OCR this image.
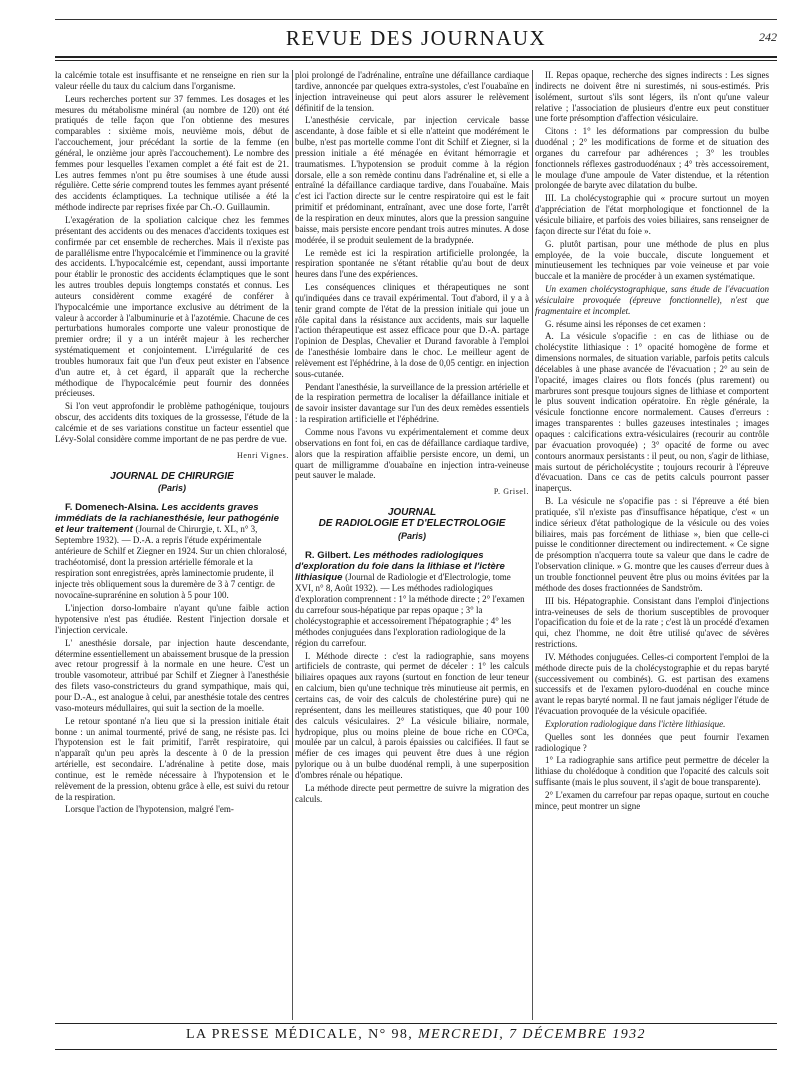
REVUE DES JOURNAUX	242

la calcémie totale est insuffisante et ne renseigne en rien sur la valeur réelle du taux du calcium dans l'organisme.

Leurs recherches portent sur 37 femmes. Les dosages et les mesures du métabolisme minéral (au nombre de 120) ont été pratiqués de telle façon que l'on obtienne des mesures comparables : sixième mois, neuvième mois, début de l'accouchement, jour précédant la sortie de la femme (en général, le onzième jour après l'accouchement). Le nombre des femmes pour lesquelles l'examen complet a été fait est de 21. Les autres femmes n'ont pu être soumises à une étude aussi régulière. Cette série comprend toutes les femmes ayant présenté des accidents éclamptiques. La technique utilisée a été la méthode indirecte par reprises fixée par Ch.-O. Guillaumin.

L'exagération de la spoliation calcique chez les femmes présentant des accidents ou des menaces d'accidents toxiques est confirmée par cet ensemble de recherches. Mais il n'existe pas de parallélisme entre l'hypocalcémie et l'imminence ou la gravité des accidents. L'hypocalcémie est, cependant, aussi importante pour établir le pronostic des accidents éclamptiques que le sont les autres troubles depuis longtemps constatés et connus. Les auteurs considèrent comme exagéré de conférer à l'hypocalcémie une importance exclusive au détriment de la valeur à accorder à l'albuminurie et à l'azotémie. Chacune de ces perturbations humorales comporte une valeur pronostique de premier ordre; il y a un intérêt majeur à les rechercher systématiquement et conjointement. L'irrégularité de ces troubles humoraux fait que l'un d'eux peut exister en l'absence d'un autre et, à cet égard, il apparaît que la recherche méthodique de l'hypocalcémie peut fournir des données précieuses.

Si l'on veut approfondir le problème pathogénique, toujours obscur, des accidents dits toxiques de la grossesse, l'étude de la calcémie et de ses variations constitue un facteur essentiel que Lévy-Solal considère comme important de ne pas perdre de vue.

Henri Vignes.
JOURNAL DE CHIRURGIE
(Paris)

F. Domenech-Alsina. Les accidents graves immédiats de la rachianesthésie, leur pathogénie et leur traitement (Journal de Chirurgie, t. XL, n° 3, Septembre 1932). — D.-A. a repris l'étude expérimentale antérieure de Schilf et Ziegner en 1924. Sur un chien chloralosé, trachéotomisé, dont la pression artérielle fémorale et la respiration sont enregistrées, après laminectomie prudente, il injecte très obliquement sous la duremère de 3 à 7 centigr. de novocaïne-suprarénine en solution à 5 pour 100.

L'injection dorso-lombaire n'ayant qu'une faible action hypotensive n'est pas étudiée. Restent l'injection dorsale et l'injection cervicale.

L' anesthésie dorsale, par injection haute descendante, détermine essentiellement un abaissement brusque de la pression avec retour progressif à la normale en une heure. C'est un trouble vasomoteur, attribué par Schilf et Ziegner à l'anesthésie des filets vaso-constricteurs du grand sympathique, mais qui, pour D.-A., est analogue à celui, par anesthésie totale des centres vaso-moteurs médullaires, qui suit la section de la moelle.

Le retour spontané n'a lieu que si la pression initiale était bonne : un animal tourmenté, privé de sang, ne résiste pas. Ici l'hypotension est le fait primitif, l'arrêt respiratoire, qui n'apparaît qu'un peu après la descente à 0 de la pression artérielle, est secondaire. L'adrénaline à petite dose, mais continue, est le remède nécessaire à l'hypotension et le relèvement de la pression, obtenu grâce à elle, est suivi du retour de la respiration.

Lorsque l'action de l'hypotension, malgré l'em-

ploi prolongé de l'adrénaline, entraîne une défaillance cardiaque tardive, annoncée par quelques extra-systoles, c'est l'ouabaïne en injection intraveineuse qui peut alors assurer le relèvement définitif de la tension.

L'anesthésie cervicale, par injection cervicale basse ascendante, à dose faible et si elle n'atteint que modérément le bulbe, n'est pas mortelle comme l'ont dit Schilf et Ziegner, si la pression initiale a été ménagée en évitant hémorragie et traumatismes. L'hypotension se produit comme à la région dorsale, elle a son remède continu dans l'adrénaline et, si elle a entraîné la défaillance cardiaque tardive, dans l'ouabaïne. Mais c'est ici l'action directe sur le centre respiratoire qui est le fait primitif et prédominant, entraînant, avec une dose forte, l'arrêt de la respiration en deux minutes, alors que la pression sanguine baisse, mais persiste encore pendant trois autres minutes. A dose modérée, il se produit seulement de la bradypnée.

Le remède est ici la respiration artificielle prolongée, la respiration spontanée ne s'étant rétablie qu'au bout de deux heures dans l'une des expériences.

Les conséquences cliniques et thérapeutiques ne sont qu'indiquées dans ce travail expérimental. Tout d'abord, il y a à tenir grand compte de l'état de la pression initiale qui joue un rôle capital dans la résistance aux accidents, mais sur laquelle l'action thérapeutique est assez efficace pour que D.-A. partage l'opinion de Desplas, Chevalier et Durand favorable à l'emploi de l'anesthésie lombaire dans le choc. Le meilleur agent de relèvement est l'éphédrine, à la dose de 0,05 centigr. en injection sous-cutanée.

Pendant l'anesthésie, la surveillance de la pression artérielle et de la respiration permettra de localiser la défaillance initiale et de savoir insister davantage sur l'un des deux remèdes essentiels : la respiration artificielle et l'éphédrine.

Comme nous l'avons vu expérimentalement et comme deux observations en font foi, en cas de défaillance cardiaque tardive, alors que la respiration affaiblie persiste encore, un demi, un quart de milligramme d'ouabaïne en injection intra-veineuse peut sauver le malade.

P. Grisel.
JOURNAL
DE RADIOLOGIE ET D'ELECTROLOGIE
(Paris)

R. Gilbert. Les méthodes radiologiques d'exploration du foie dans la lithiase et l'ictère lithiasique (Journal de Radiologie et d'Electrologie, tome XVI, n° 8, Août 1932). — Les méthodes radiologiques d'exploration comprennent : 1° la méthode directe ; 2° l'examen du carrefour sous-hépatique par repas opaque ; 3° la cholécystographie et accessoirement l'hépatographie ; 4° les méthodes conjuguées dans l'exploration radiologique de la région du carrefour.

I. Méthode directe : c'est la radiographie, sans moyens artificiels de contraste, qui permet de déceler : 1° les calculs biliaires opaques aux rayons (surtout en fonction de leur teneur en calcium, bien qu'une technique très minutieuse ait permis, en certains cas, de voir des calculs de cholestérine pure) qui ne représentent, dans les meilleures statistiques, que 40 pour 100 des calculs vésiculaires. 2° La vésicule biliaire, normale, hydropique, plus ou moins pleine de boue riche en CO³Ca, moulée par un calcul, à parois épaissies ou calcifiées. Il faut se méfier de ces images qui peuvent être dues à une région pylorique ou à un bulbe duodénal rempli, à une superposition d'ombres rénale ou hépatique.

La méthode directe peut permettre de suivre la migration des calculs.

II. Repas opaque, recherche des signes indirects : Les signes indirects ne doivent être ni surestimés, ni sous-estimés. Pris isolément, surtout s'ils sont légers, ils n'ont qu'une valeur relative ; l'association de plusieurs d'entre eux peut constituer une forte présomption d'affection vésiculaire.

Citons : 1° les déformations par compression du bulbe duodénal ; 2° les modifications de forme et de situation des organes du carrefour par adhérences ; 3° les troubles fonctionnels réflexes gastroduodénaux ; 4° très accessoirement, le moulage d'une ampoule de Vater distendue, et la rétention prolongée de baryte avec dilatation du bulbe.

III. La cholécystographie qui « procure surtout un moyen d'appréciation de l'état morphologique et fonctionnel de la vésicule biliaire, et parfois des voies biliaires, sans renseigner de façon directe sur l'état du foie ».

G. plutôt partisan, pour une méthode de plus en plus employée, de la voie buccale, discute longuement et minutieusement les techniques par voie veineuse et par voie buccale et la manière de procéder à un examen systématique.

Un examen cholécystographique, sans étude de l'évacuation vésiculaire provoquée (épreuve fonctionnelle), n'est que fragmentaire et incomplet.

G. résume ainsi les réponses de cet examen :

A. La vésicule s'opacifie : en cas de lithiase ou de cholécystite lithiasique : 1° opacité homogène de forme et dimensions normales, de situation variable, parfois petits calculs décelables à une phase avancée de l'évacuation ; 2° au sein de l'opacité, images claires ou flots foncés (plus rarement) ou marbrures sont presque toujours signes de lithiase et comportent le plus souvent indication opératoire. En règle générale, la vésicule fonctionne encore normalement. Causes d'erreurs : images transparentes : bulles gazeuses intestinales ; images opaques : calcifications extra-vésiculaires (recourir au contrôle par évacuation provoquée) ; 3° opacité de forme ou avec contours anormaux persistants : il peut, ou non, s'agir de lithiase, mais surtout de péricholécystite ; toujours recourir à l'épreuve d'évacuation. Dans ce cas de petits calculs pourront passer inaperçus.

B. La vésicule ne s'opacifie pas : si l'épreuve a été bien pratiquée, s'il n'existe pas d'insuffisance hépatique, c'est « un indice sérieux d'état pathologique de la vésicule ou des voies biliaires, mais pas forcément de lithiase », bien que celle-ci puisse le conditionner directement ou indirectement. « Ce signe de présomption n'acquerra toute sa valeur que dans le cadre de l'observation clinique. » G. montre que les causes d'erreur dues à un trouble fonctionnel peuvent être plus ou moins évitées par la méthode des doses fractionnées de Sandström.

III bis. Hépatographie. Consistant dans l'emploi d'injections intra-veineuses de sels de thorium susceptibles de provoquer l'opacification du foie et de la rate ; c'est là un procédé d'examen qui, chez l'homme, ne doit être utilisé qu'avec de sévères restrictions.

IV. Méthodes conjuguées. Celles-ci comportent l'emploi de la méthode directe puis de la cholécystographie et du repas baryté (successivement ou combinés). G. est partisan des examens successifs et de l'examen pyloro-duodénal en couche mince avant le repas baryté normal. Il ne faut jamais négliger l'étude de l'évacuation provoquée de la vésicule opacifiée.

Exploration radiologique dans l'ictère lithiasique.

Quelles sont les données que peut fournir l'examen radiologique ?

1° La radiographie sans artifice peut permettre de déceler la lithiase du cholédoque à condition que l'opacité des calculs soit suffisante (mais le plus souvent, il s'agit de boue transparente).

2° L'examen du carrefour par repas opaque, surtout en couche mince, peut montrer un signe

LA PRESSE MÉDICALE, N° 98, MERCREDI, 7 DÉCEMBRE 1932
